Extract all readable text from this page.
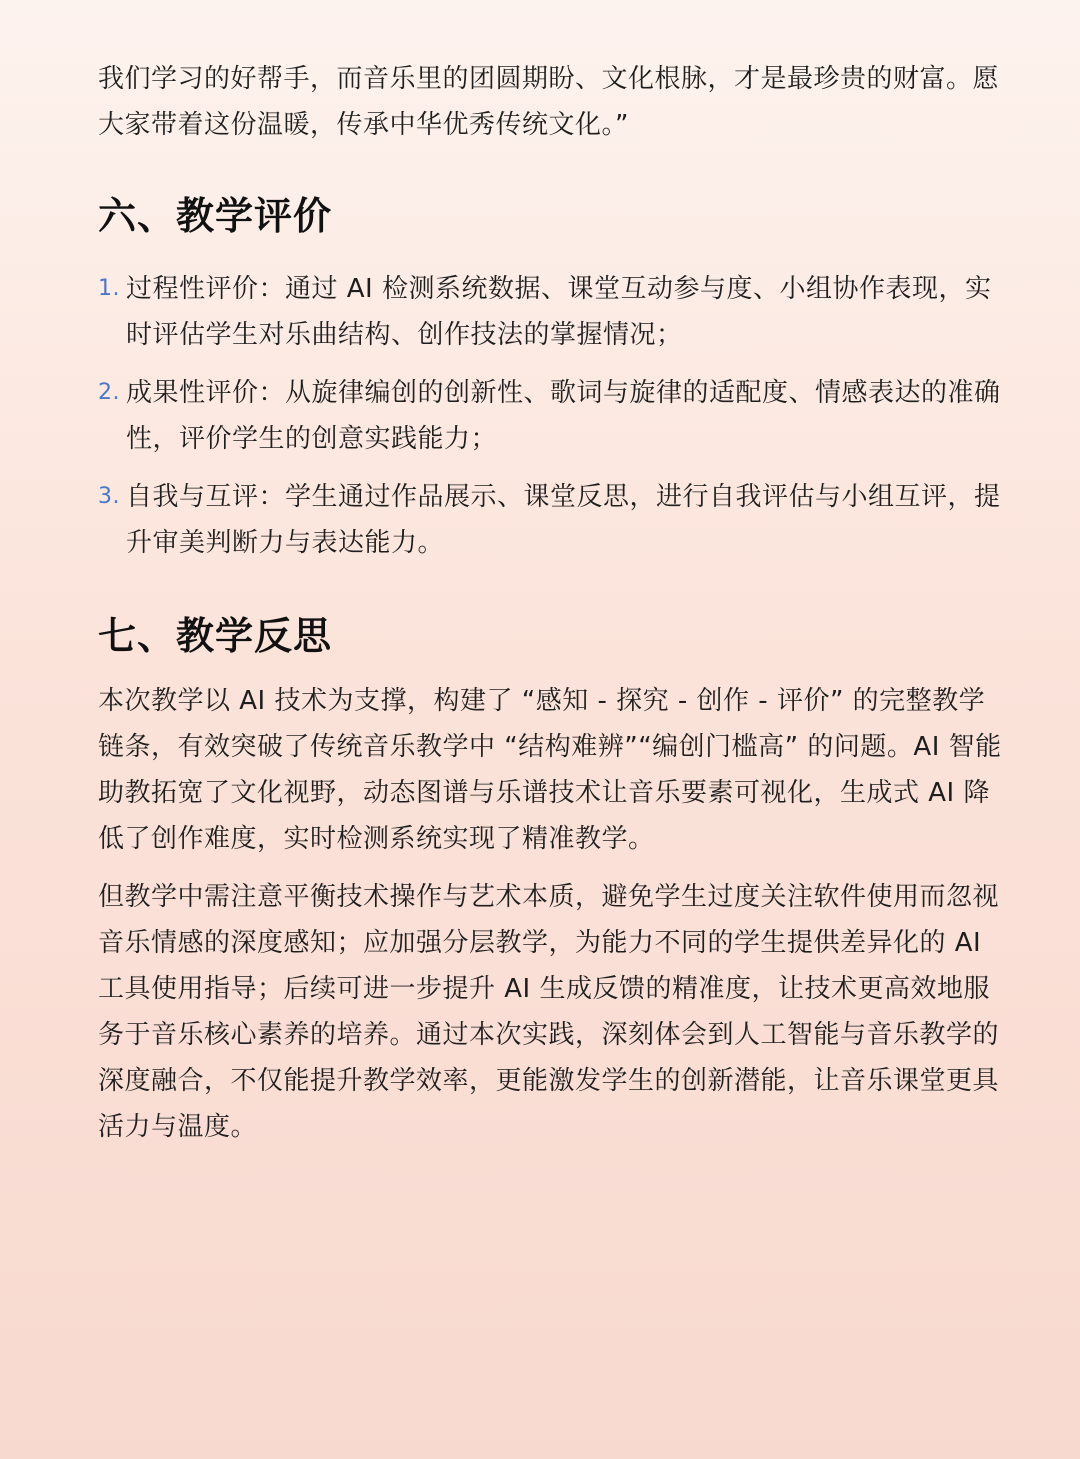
我们学习的好帮手，而音乐里的团圆期盼、文化根脉，才是最珍贵的财富。愿大家带着这份温暖，传承中华优秀传统文化。”

六、教学评价
1. 过程性评价：通过 AI 检测系统数据、课堂互动参与度、小组协作表现，实时评估学生对乐曲结构、创作技法的掌握情况；
2. 成果性评价：从旋律编创的创新性、歌词与旋律的适配度、情感表达的准确性，评价学生的创意实践能力；
3. 自我与互评：学生通过作品展示、课堂反思，进行自我评估与小组互评，提升审美判断力与表达能力。
七、教学反思

本次教学以 AI 技术为支撑，构建了 “感知 - 探究 - 创作 - 评价” 的完整教学链条，有效突破了传统音乐教学中 “结构难辨”“编创门槛高” 的问题。AI 智能助教拓宽了文化视野，动态图谱与乐谱技术让音乐要素可视化，生成式 AI 降低了创作难度，实时检测系统实现了精准教学。

但教学中需注意平衡技术操作与艺术本质，避免学生过度关注软件使用而忽视音乐情感的深度感知；应加强分层教学，为能力不同的学生提供差异化的 AI 工具使用指导；后续可进一步提升 AI 生成反馈的精准度，让技术更高效地服务于音乐核心素养的培养。通过本次实践，深刻体会到人工智能与音乐教学的深度融合，不仅能提升教学效率，更能激发学生的创新潜能，让音乐课堂更具活力与温度。
